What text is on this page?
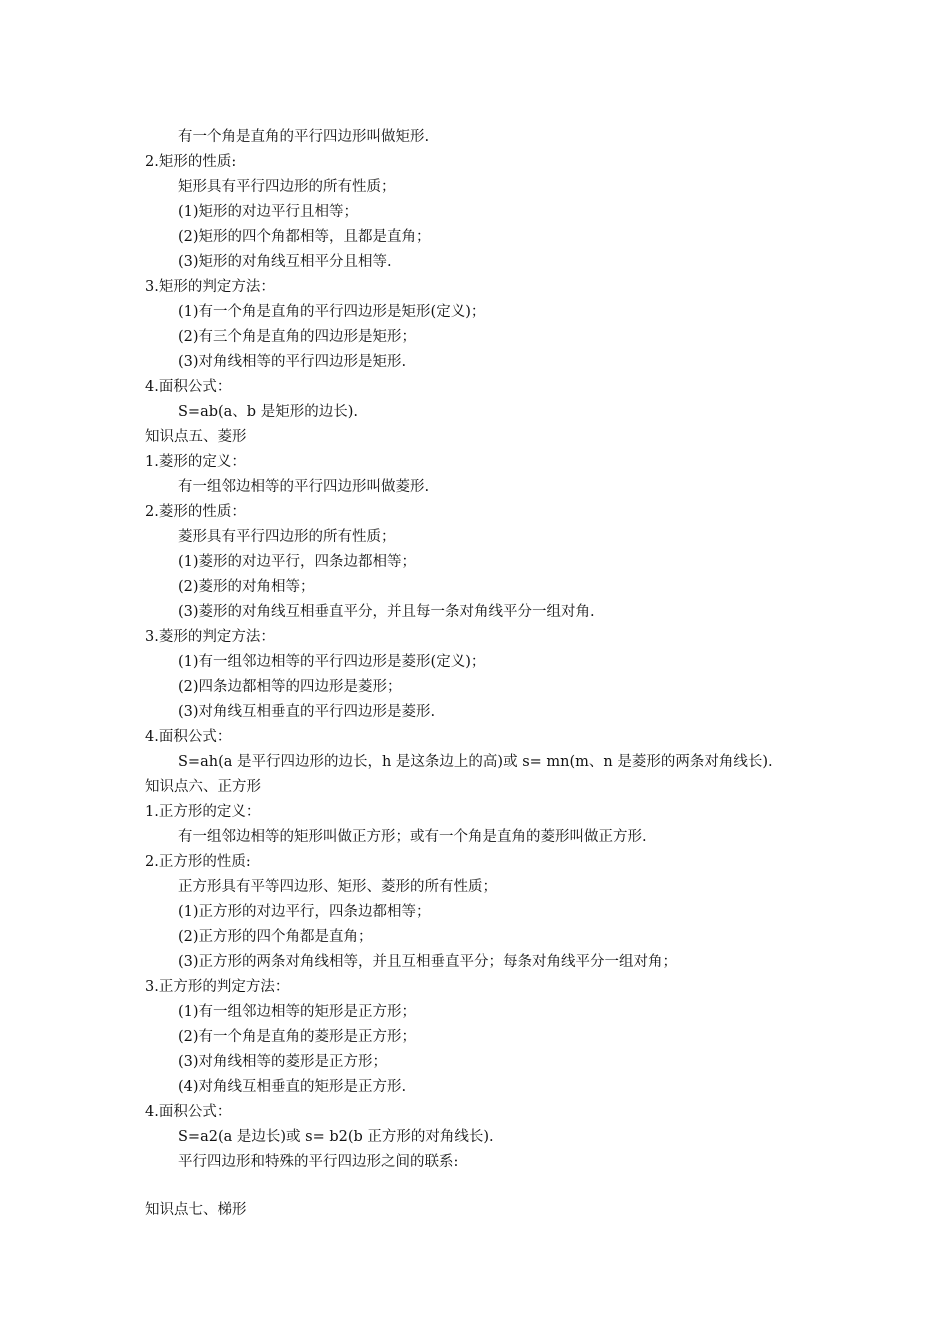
有一个角是直角的平行四边形叫做矩形.
2.矩形的性质:
矩形具有平行四边形的所有性质；
(1)矩形的对边平行且相等；
(2)矩形的四个角都相等，且都是直角；
(3)矩形的对角线互相平分且相等.
3.矩形的判定方法：
(1)有一个角是直角的平行四边形是矩形(定义)；
(2)有三个角是直角的四边形是矩形；
(3)对角线相等的平行四边形是矩形.
4.面积公式：
S=ab(a、b 是矩形的边长).
知识点五、菱形
1.菱形的定义：
有一组邻边相等的平行四边形叫做菱形.
2.菱形的性质：
菱形具有平行四边形的所有性质；
(1)菱形的对边平行，四条边都相等；
(2)菱形的对角相等；
(3)菱形的对角线互相垂直平分，并且每一条对角线平分一组对角.
3.菱形的判定方法：
(1)有一组邻边相等的平行四边形是菱形(定义)；
(2)四条边都相等的四边形是菱形；
(3)对角线互相垂直的平行四边形是菱形.
4.面积公式：
S=ah(a 是平行四边形的边长，h 是这条边上的高)或 s= mn(m、n 是菱形的两条对角线长).
知识点六、正方形
1.正方形的定义：
有一组邻边相等的矩形叫做正方形；或有一个角是直角的菱形叫做正方形.
2.正方形的性质:
正方形具有平等四边形、矩形、菱形的所有性质；
(1)正方形的对边平行，四条边都相等；
(2)正方形的四个角都是直角；
(3)正方形的两条对角线相等，并且互相垂直平分；每条对角线平分一组对角；
3.正方形的判定方法：
(1)有一组邻边相等的矩形是正方形；
(2)有一个角是直角的菱形是正方形；
(3)对角线相等的菱形是正方形；
(4)对角线互相垂直的矩形是正方形.
4.面积公式：
S=a2(a 是边长)或 s= b2(b 正方形的对角线长).
平行四边形和特殊的平行四边形之间的联系:
知识点七、梯形
